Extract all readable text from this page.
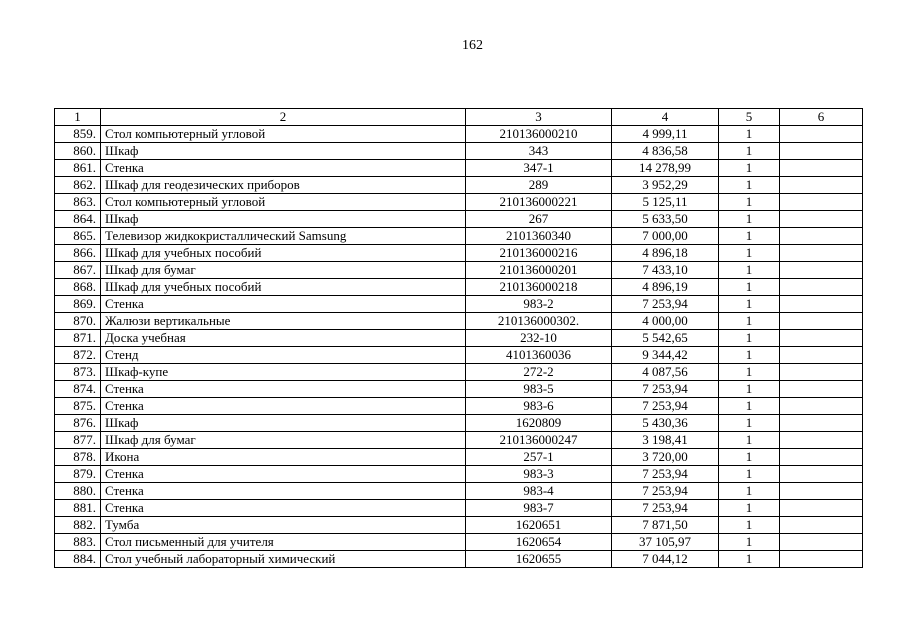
162
1	2	3	4	5	6
859.	Стол компьютерный угловой	210136000210	4 999,11	1	
860.	Шкаф	343	4 836,58	1	
861.	Стенка	347-1	14 278,99	1	
862.	Шкаф для геодезических приборов	289	3 952,29	1	
863.	Стол компьютерный угловой	210136000221	5 125,11	1	
864.	Шкаф	267	5 633,50	1	
865.	Телевизор жидкокристаллический Samsung	2101360340	7 000,00	1	
866.	Шкаф для учебных пособий	210136000216	4 896,18	1	
867.	Шкаф для бумаг	210136000201	7 433,10	1	
868.	Шкаф для учебных пособий	210136000218	4 896,19	1	
869.	Стенка	983-2	7 253,94	1	
870.	Жалюзи вертикальные	210136000302.	4 000,00	1	
871.	Доска учебная	232-10	5 542,65	1	
872.	Стенд	4101360036	9 344,42	1	
873.	Шкаф-купе	272-2	4 087,56	1	
874.	Стенка	983-5	7 253,94	1	
875.	Стенка	983-6	7 253,94	1	
876.	Шкаф	1620809	5 430,36	1	
877.	Шкаф для бумаг	210136000247	3 198,41	1	
878.	Икона	257-1	3 720,00	1	
879.	Стенка	983-3	7 253,94	1	
880.	Стенка	983-4	7 253,94	1	
881.	Стенка	983-7	7 253,94	1	
882.	Тумба	1620651	7 871,50	1	
883.	Стол письменный для учителя	1620654	37 105,97	1	
884.	Стол учебный лабораторный химический	1620655	7 044,12	1	
